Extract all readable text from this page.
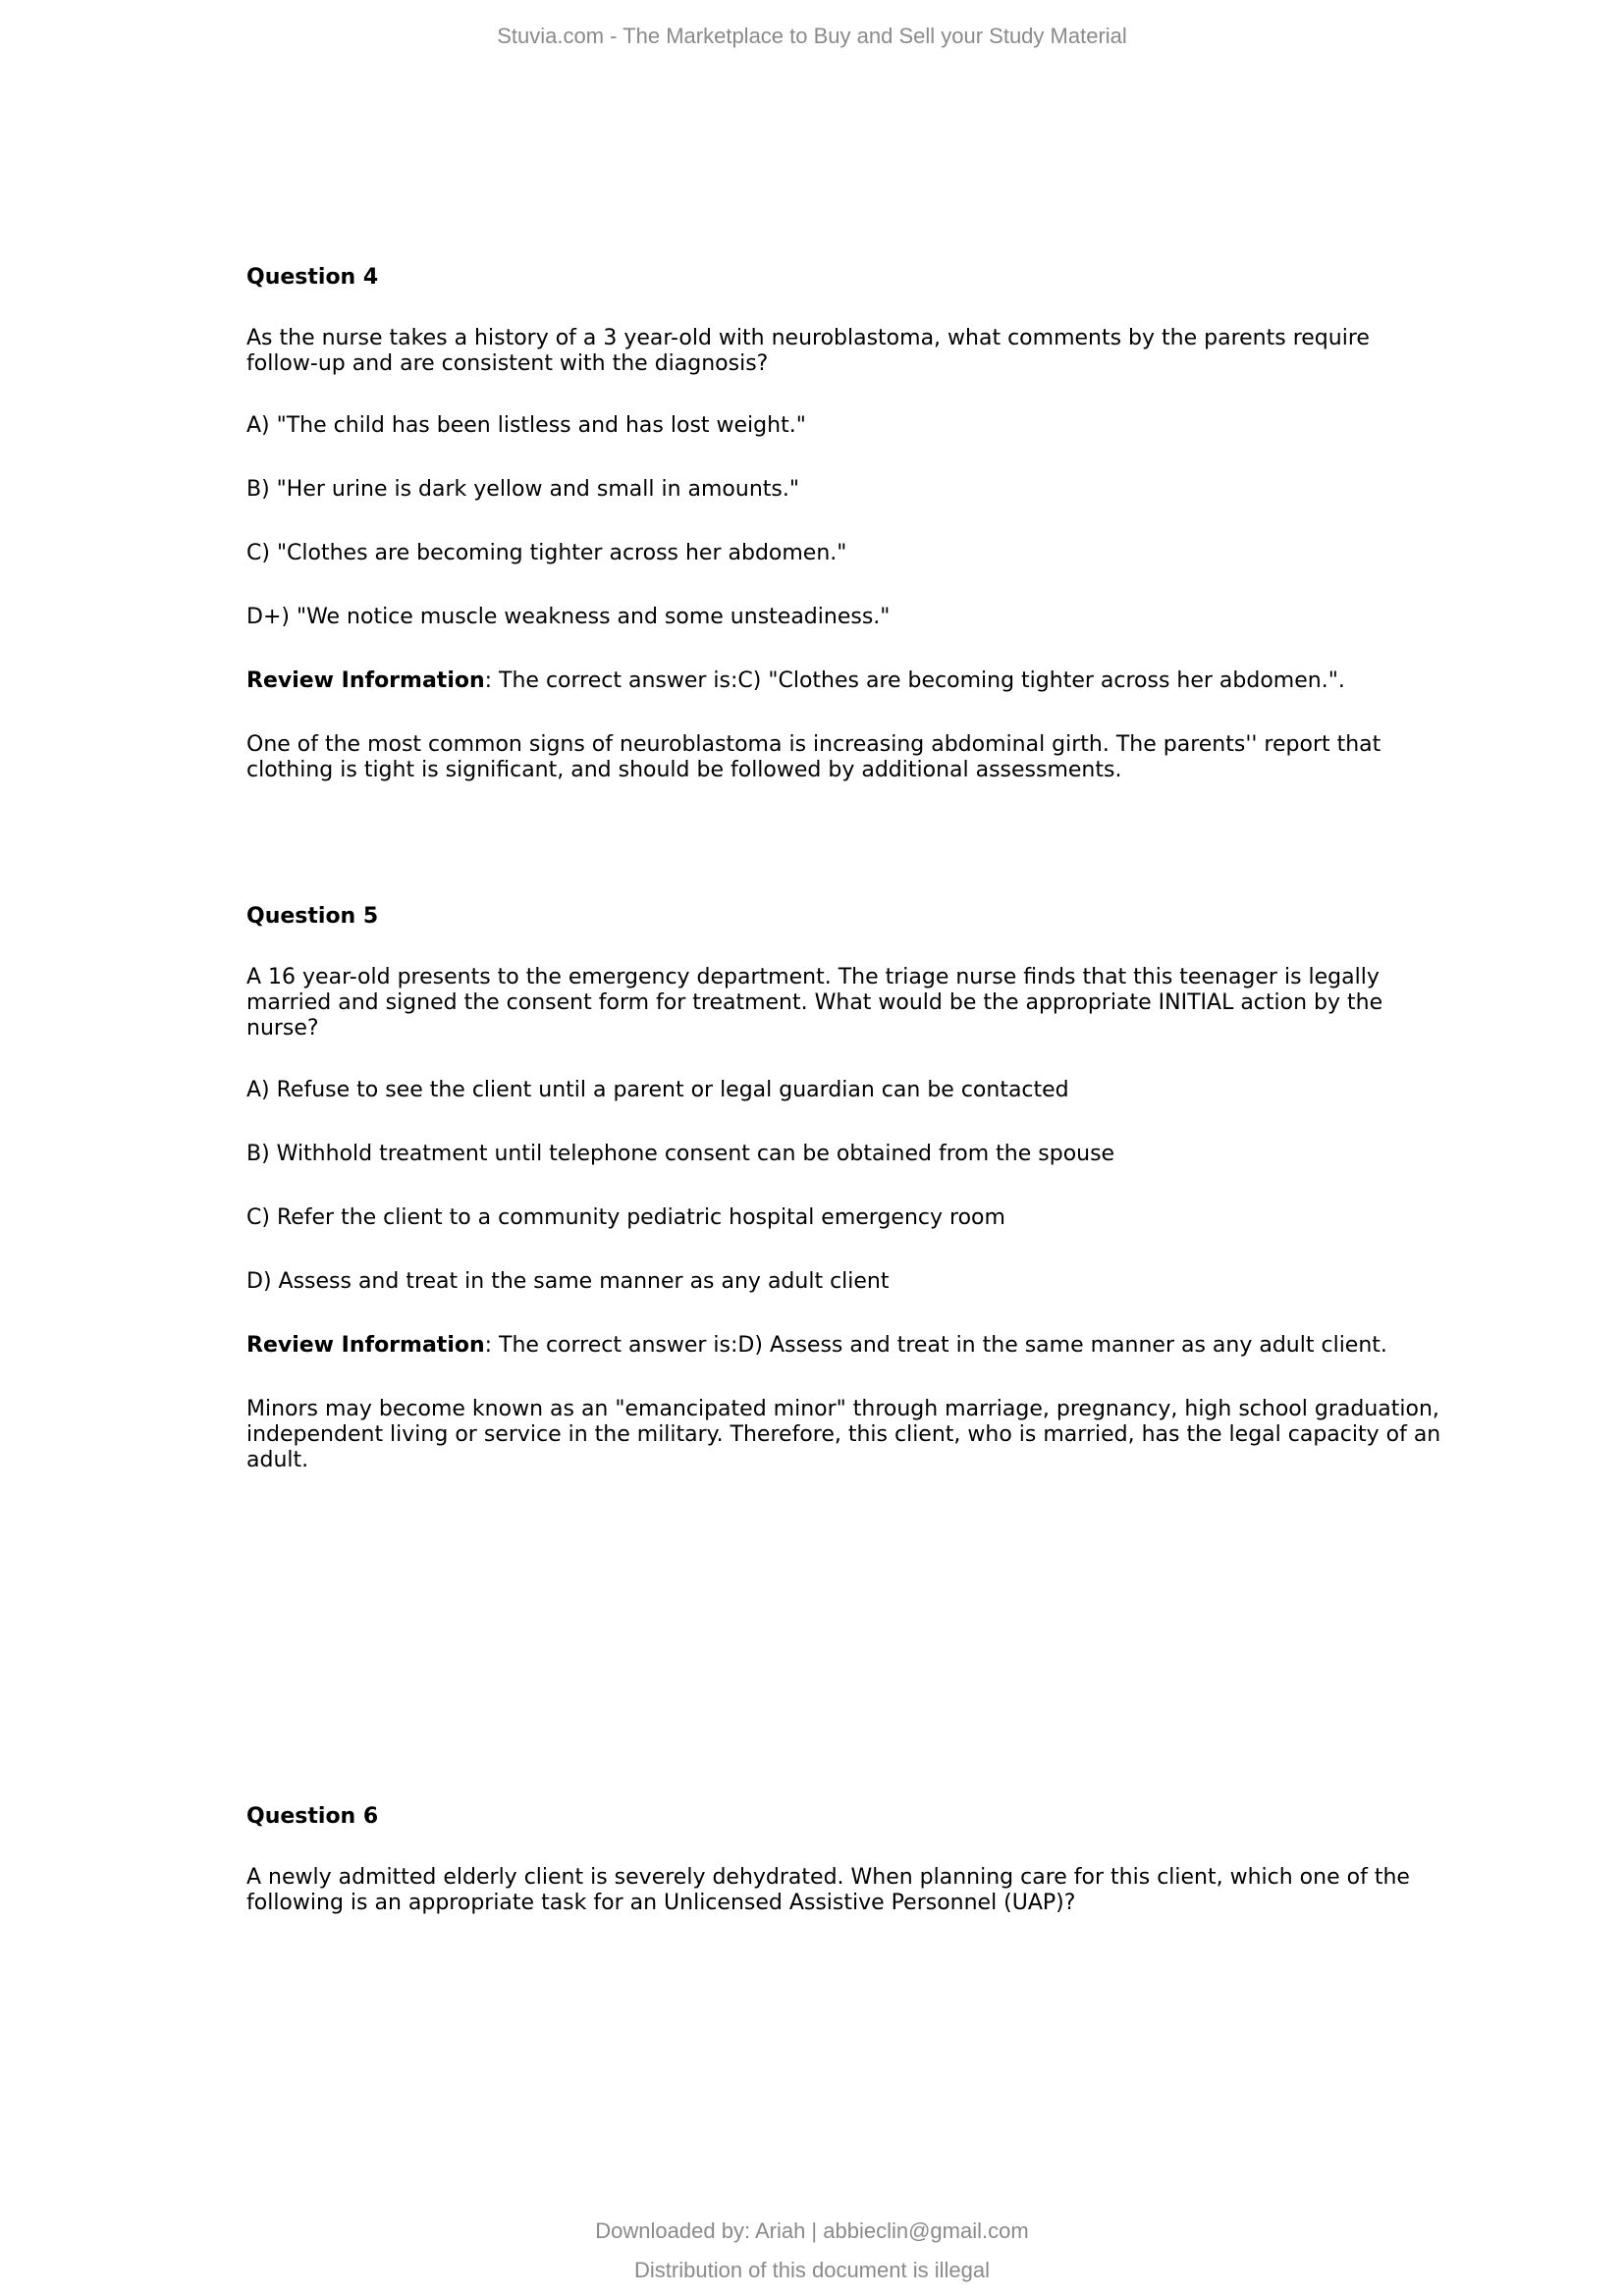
Stuvia.com - The Marketplace to Buy and Sell your Study Material
Question 4
As the nurse takes a history of a 3 year-old with neuroblastoma, what comments by the parents require follow-up and are consistent with the diagnosis?
A) "The child has been listless and has lost weight."
B) "Her urine is dark yellow and small in amounts."
C) "Clothes are becoming tighter across her abdomen."
D+) "We notice muscle weakness and some unsteadiness."
Review Information: The correct answer is:C) "Clothes are becoming tighter across her abdomen.".
One of the most common signs of neuroblastoma is increasing abdominal girth. The parents'' report that clothing is tight is significant, and should be followed by additional assessments.
Question 5
A 16 year-old presents to the emergency department. The triage nurse finds that this teenager is legally married and signed the consent form for treatment. What would be the appropriate INITIAL action by the nurse?
A) Refuse to see the client until a parent or legal guardian can be contacted
B) Withhold treatment until telephone consent can be obtained from the spouse
C) Refer the client to a community pediatric hospital emergency room
D) Assess and treat in the same manner as any adult client
Review Information: The correct answer is:D) Assess and treat in the same manner as any adult client.
Minors may become known as an "emancipated minor" through marriage, pregnancy, high school graduation, independent living or service in the military. Therefore, this client, who is married, has the legal capacity of an adult.
Question 6
A newly admitted elderly client is severely dehydrated. When planning care for this client, which one of the following is an appropriate task for an Unlicensed Assistive Personnel (UAP)?
Downloaded by: Ariah | abbieclin@gmail.com
Distribution of this document is illegal
